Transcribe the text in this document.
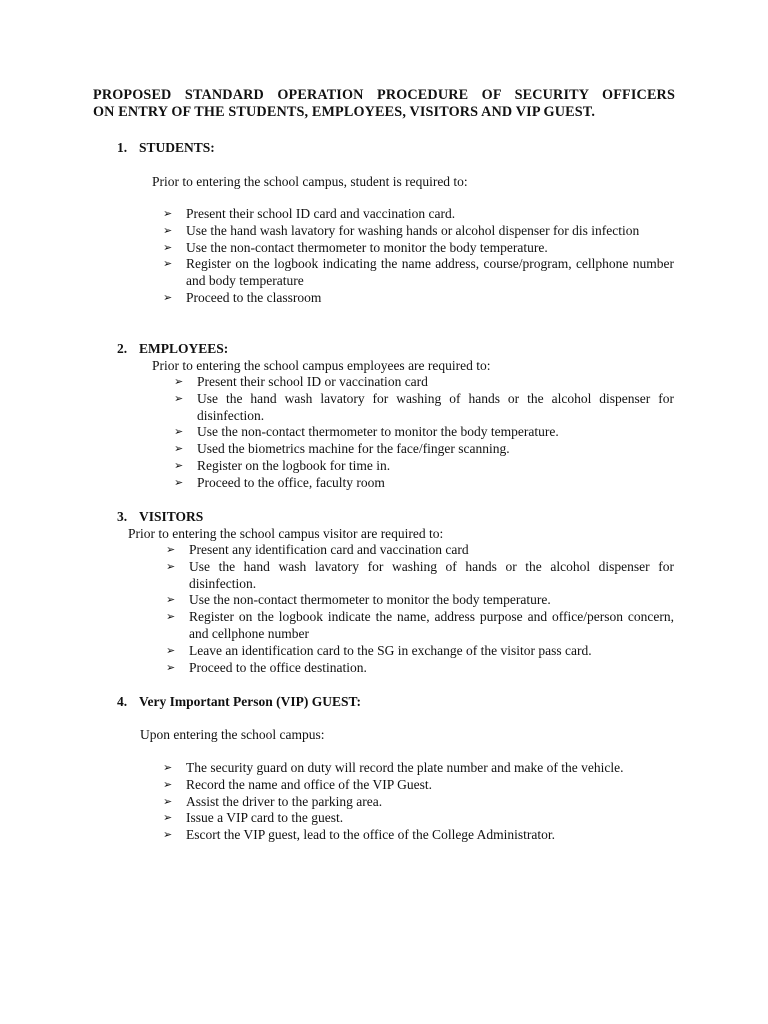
PROPOSED STANDARD OPERATION PROCEDURE OF SECURITY OFFICERS
ON ENTRY OF THE STUDENTS, EMPLOYEES, VISITORS AND VIP GUEST.
1. STUDENTS:
Prior to entering the school campus, student is required to:
➢ Present their school ID card and vaccination card.
➢ Use the hand wash lavatory for washing hands or alcohol dispenser for dis infection
➢ Use the non-contact thermometer to monitor the body temperature.
➢ Register on the logbook indicating the name address, course/program, cellphone number and body temperature
➢ Proceed to the classroom
2. EMPLOYEES:
Prior to entering the school campus employees are required to:
➢ Present their school ID or vaccination card
➢ Use the hand wash lavatory for washing of hands or the alcohol dispenser for disinfection.
➢ Use the non-contact thermometer to monitor the body temperature.
➢ Used the biometrics machine for the face/finger scanning.
➢ Register on the logbook for time in.
➢ Proceed to the office, faculty room
3. VISITORS
Prior to entering the school campus visitor are required to:
➢ Present any identification card and vaccination card
➢ Use the hand wash lavatory for washing of hands or the alcohol dispenser for disinfection.
➢ Use the non-contact thermometer to monitor the body temperature.
➢ Register on the logbook indicate the name, address purpose and office/person concern, and cellphone number
➢ Leave an identification card to the SG in exchange of the visitor pass card.
➢ Proceed to the office destination.
4. Very Important Person (VIP) GUEST:
Upon entering the school campus:
➢ The security guard on duty will record the plate number and make of the vehicle.
➢ Record the name and office of the VIP Guest.
➢ Assist the driver to the parking area.
➢ Issue a VIP card to the guest.
➢ Escort the VIP guest, lead to the office of the College Administrator.
